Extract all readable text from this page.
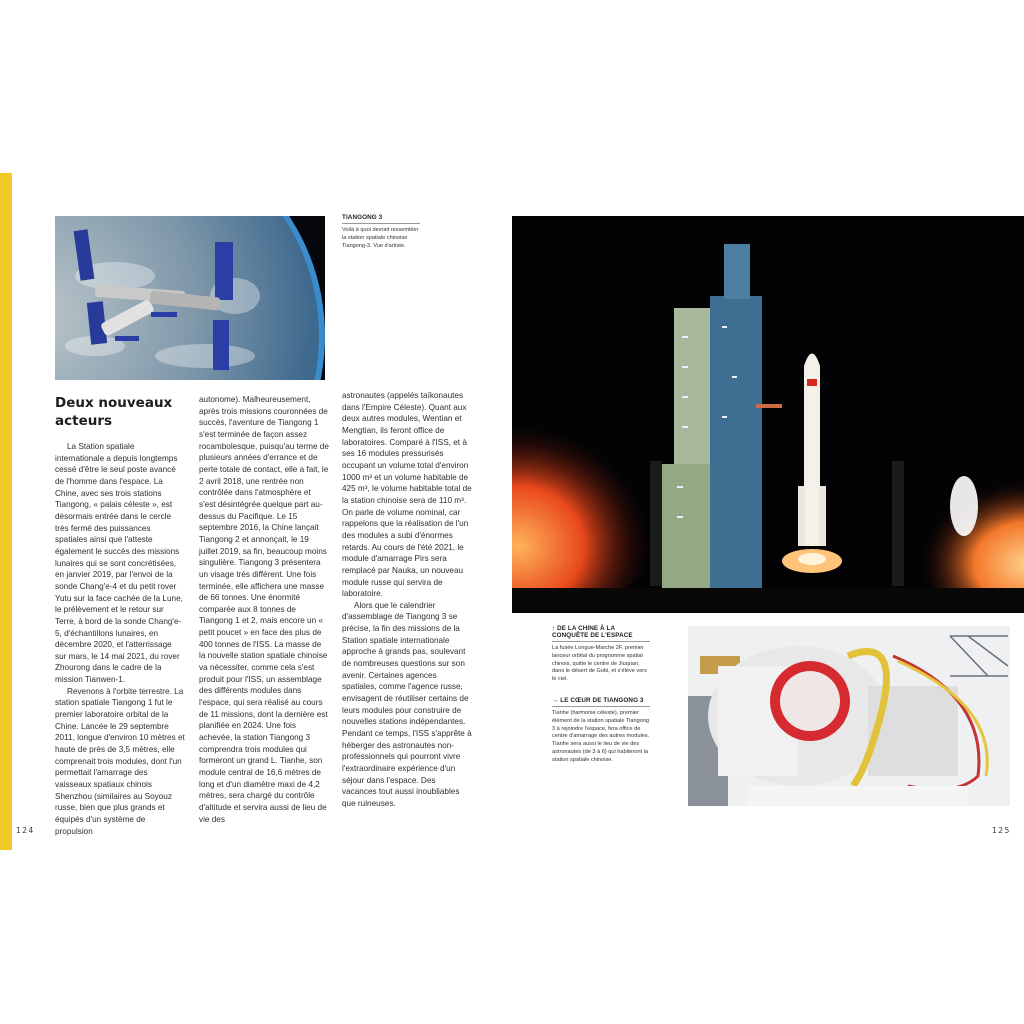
TIANGONG 3
Voilà à quoi devrait ressembler la station spatiale chinoise Tiangong-3. Vue d'artiste.
Deux nouveaux acteurs

La Station spatiale internationale a depuis longtemps cessé d'être le seul poste avancé de l'homme dans l'espace. La Chine, avec ses trois stations Tiangong, « palais céleste », est désormais entrée dans le cercle très fermé des puissances spatiales ainsi que l'atteste également le succès des missions lunaires qui se sont concrétisées, en janvier 2019, par l'envoi de la sonde Chang'e-4 et du petit rover Yutu sur la face cachée de la Lune, le prélèvement et le retour sur Terre, à bord de la sonde Chang'e-5, d'échantillons lunaires, en décembre 2020, et l'atterrissage sur mars, le 14 mai 2021, du rover Zhourong dans le cadre de la mission Tianwen-1.

Revenons à l'orbite terrestre. La station spatiale Tiangong 1 fut le premier laboratoire orbital de la Chine. Lancée le 29 septembre 2011, longue d'environ 10 mètres et haute de près de 3,5 mètres, elle comprenait trois modules, dont l'un permettait l'amarrage des vaisseaux spatiaux chinois Shenzhou (similaires au Soyouz russe, bien que plus grands et équipés d'un système de propulsion

autonome). Malheureusement, après trois missions couronnées de succès, l'aventure de Tiangong 1 s'est terminée de façon assez rocambolesque, puisqu'au terme de plusieurs années d'errance et de perte totale de contact, elle a fait, le 2 avril 2018, une rentrée non contrôlée dans l'atmosphère et s'est désintégrée quelque part au-dessus du Pacifique. Le 15 septembre 2016, la Chine lançait Tiangong 2 et annonçait, le 19 juillet 2019, sa fin, beaucoup moins singulière. Tiangong 3 présentera un visage très différent. Une fois terminée, elle affichera une masse de 66 tonnes. Une énormité comparée aux 8 tonnes de Tiangong 1 et 2, mais encore un « petit poucet » en face des plus de 400 tonnes de l'ISS. La masse de la nouvelle station spatiale chinoise va nécessiter, comme cela s'est produit pour l'ISS, un assemblage des différents modules dans l'espace, qui sera réalisé au cours de 11 missions, dont la dernière est planifiée en 2024. Une fois achevée, la station Tiangong 3 comprendra trois modules qui formeront un grand L. Tianhe, son module central de 16,6 mètres de long et d'un diamètre maxi de 4,2 mètres, sera chargé du contrôle d'altitude et servira aussi de lieu de vie des

astronautes (appelés taïkonautes dans l'Empire Céleste). Quant aux deux autres modules, Wentian et Mengtian, ils feront office de laboratoires. Comparé à l'ISS, et à ses 16 modules pressurisés occupant un volume total d'environ 1000 m³ et un volume habitable de 425 m³, le volume habitable total de la station chinoise sera de 110 m³. On parle de volume nominal, car rappelons que la réalisation de l'un des modules a subi d'énormes retards. Au cours de l'été 2021, le module d'amarrage Pirs sera remplacé par Nauka, un nouveau module russe qui servira de laboratoire.

Alors que le calendrier d'assemblage de Tiangong 3 se précise, la fin des missions de la Station spatiale internationale approche à grands pas, soulevant de nombreuses questions sur son avenir. Certaines agences spatiales, comme l'agence russe, envisagent de réutiliser certains de leurs modules pour construire de nouvelles stations indépendantes. Pendant ce temps, l'ISS s'apprête à héberger des astronautes non-professionnels qui pourront vivre l'extraordinaire expérience d'un séjour dans l'espace. Des vacances tout aussi inoubliables que ruineuses.

124
↑ DE LA CHINE À LA CONQUÊTE DE L'ESPACE
La fusée Longue-Marche 2F, premier lanceur orbital du programme spatial chinois, quitte le centre de Jiuquan, dans le désert de Gobi, et s'élève vers le ciel.
→ LE CŒUR DE TIANGONG 3
Tianhe (harmonie céleste), premier élément de la station spatiale Tiangong 3 à rejoindre l'espace, fera office de centre d'amarrage des autres modules. Tianhe sera aussi le lieu de vie des astronautes (de 3 à 6) qui habiteront la station spatiale chinoise.
125
